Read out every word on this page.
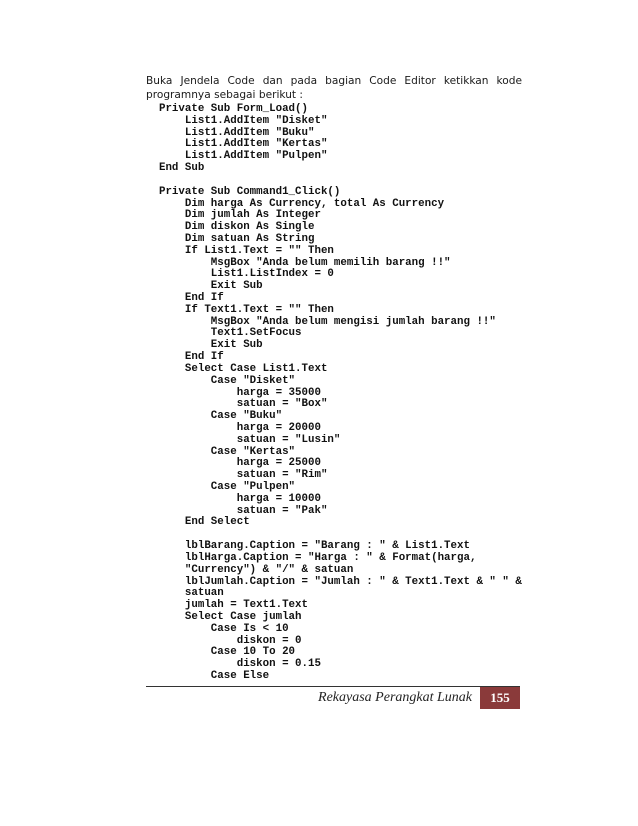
Buka Jendela Code dan pada bagian Code Editor ketikkan kode programnya sebagai berikut :

Private Sub Form_Load()
List1.AddItem "Disket"
List1.AddItem "Buku"
List1.AddItem "Kertas"
List1.AddItem "Pulpen"
End Sub
Private Sub Command1_Click()
Dim harga As Currency, total As Currency
Dim jumlah As Integer
Dim diskon As Single
Dim satuan As String
If List1.Text = "" Then
MsgBox "Anda belum memilih barang !!"
List1.ListIndex = 0
Exit Sub
End If
If Text1.Text = "" Then
MsgBox "Anda belum mengisi jumlah barang !!"
Text1.SetFocus
Exit Sub
End If
Select Case List1.Text
Case "Disket"
harga = 35000
satuan = "Box"
Case "Buku"
harga = 20000
satuan = "Lusin"
Case "Kertas"
harga = 25000
satuan = "Rim"
Case "Pulpen"
harga = 10000
satuan = "Pak"
End Select
lblBarang.Caption = "Barang : " & List1.Text
lblHarga.Caption = "Harga : " & Format(harga,
"Currency") & "/" & satuan
lblJumlah.Caption = "Jumlah : " & Text1.Text & " " &
satuan
jumlah = Text1.Text
Select Case jumlah
Case Is < 10
diskon = 0
Case 10 To 20
diskon = 0.15
Case Else
Rekayasa Perangkat Lunak	155
